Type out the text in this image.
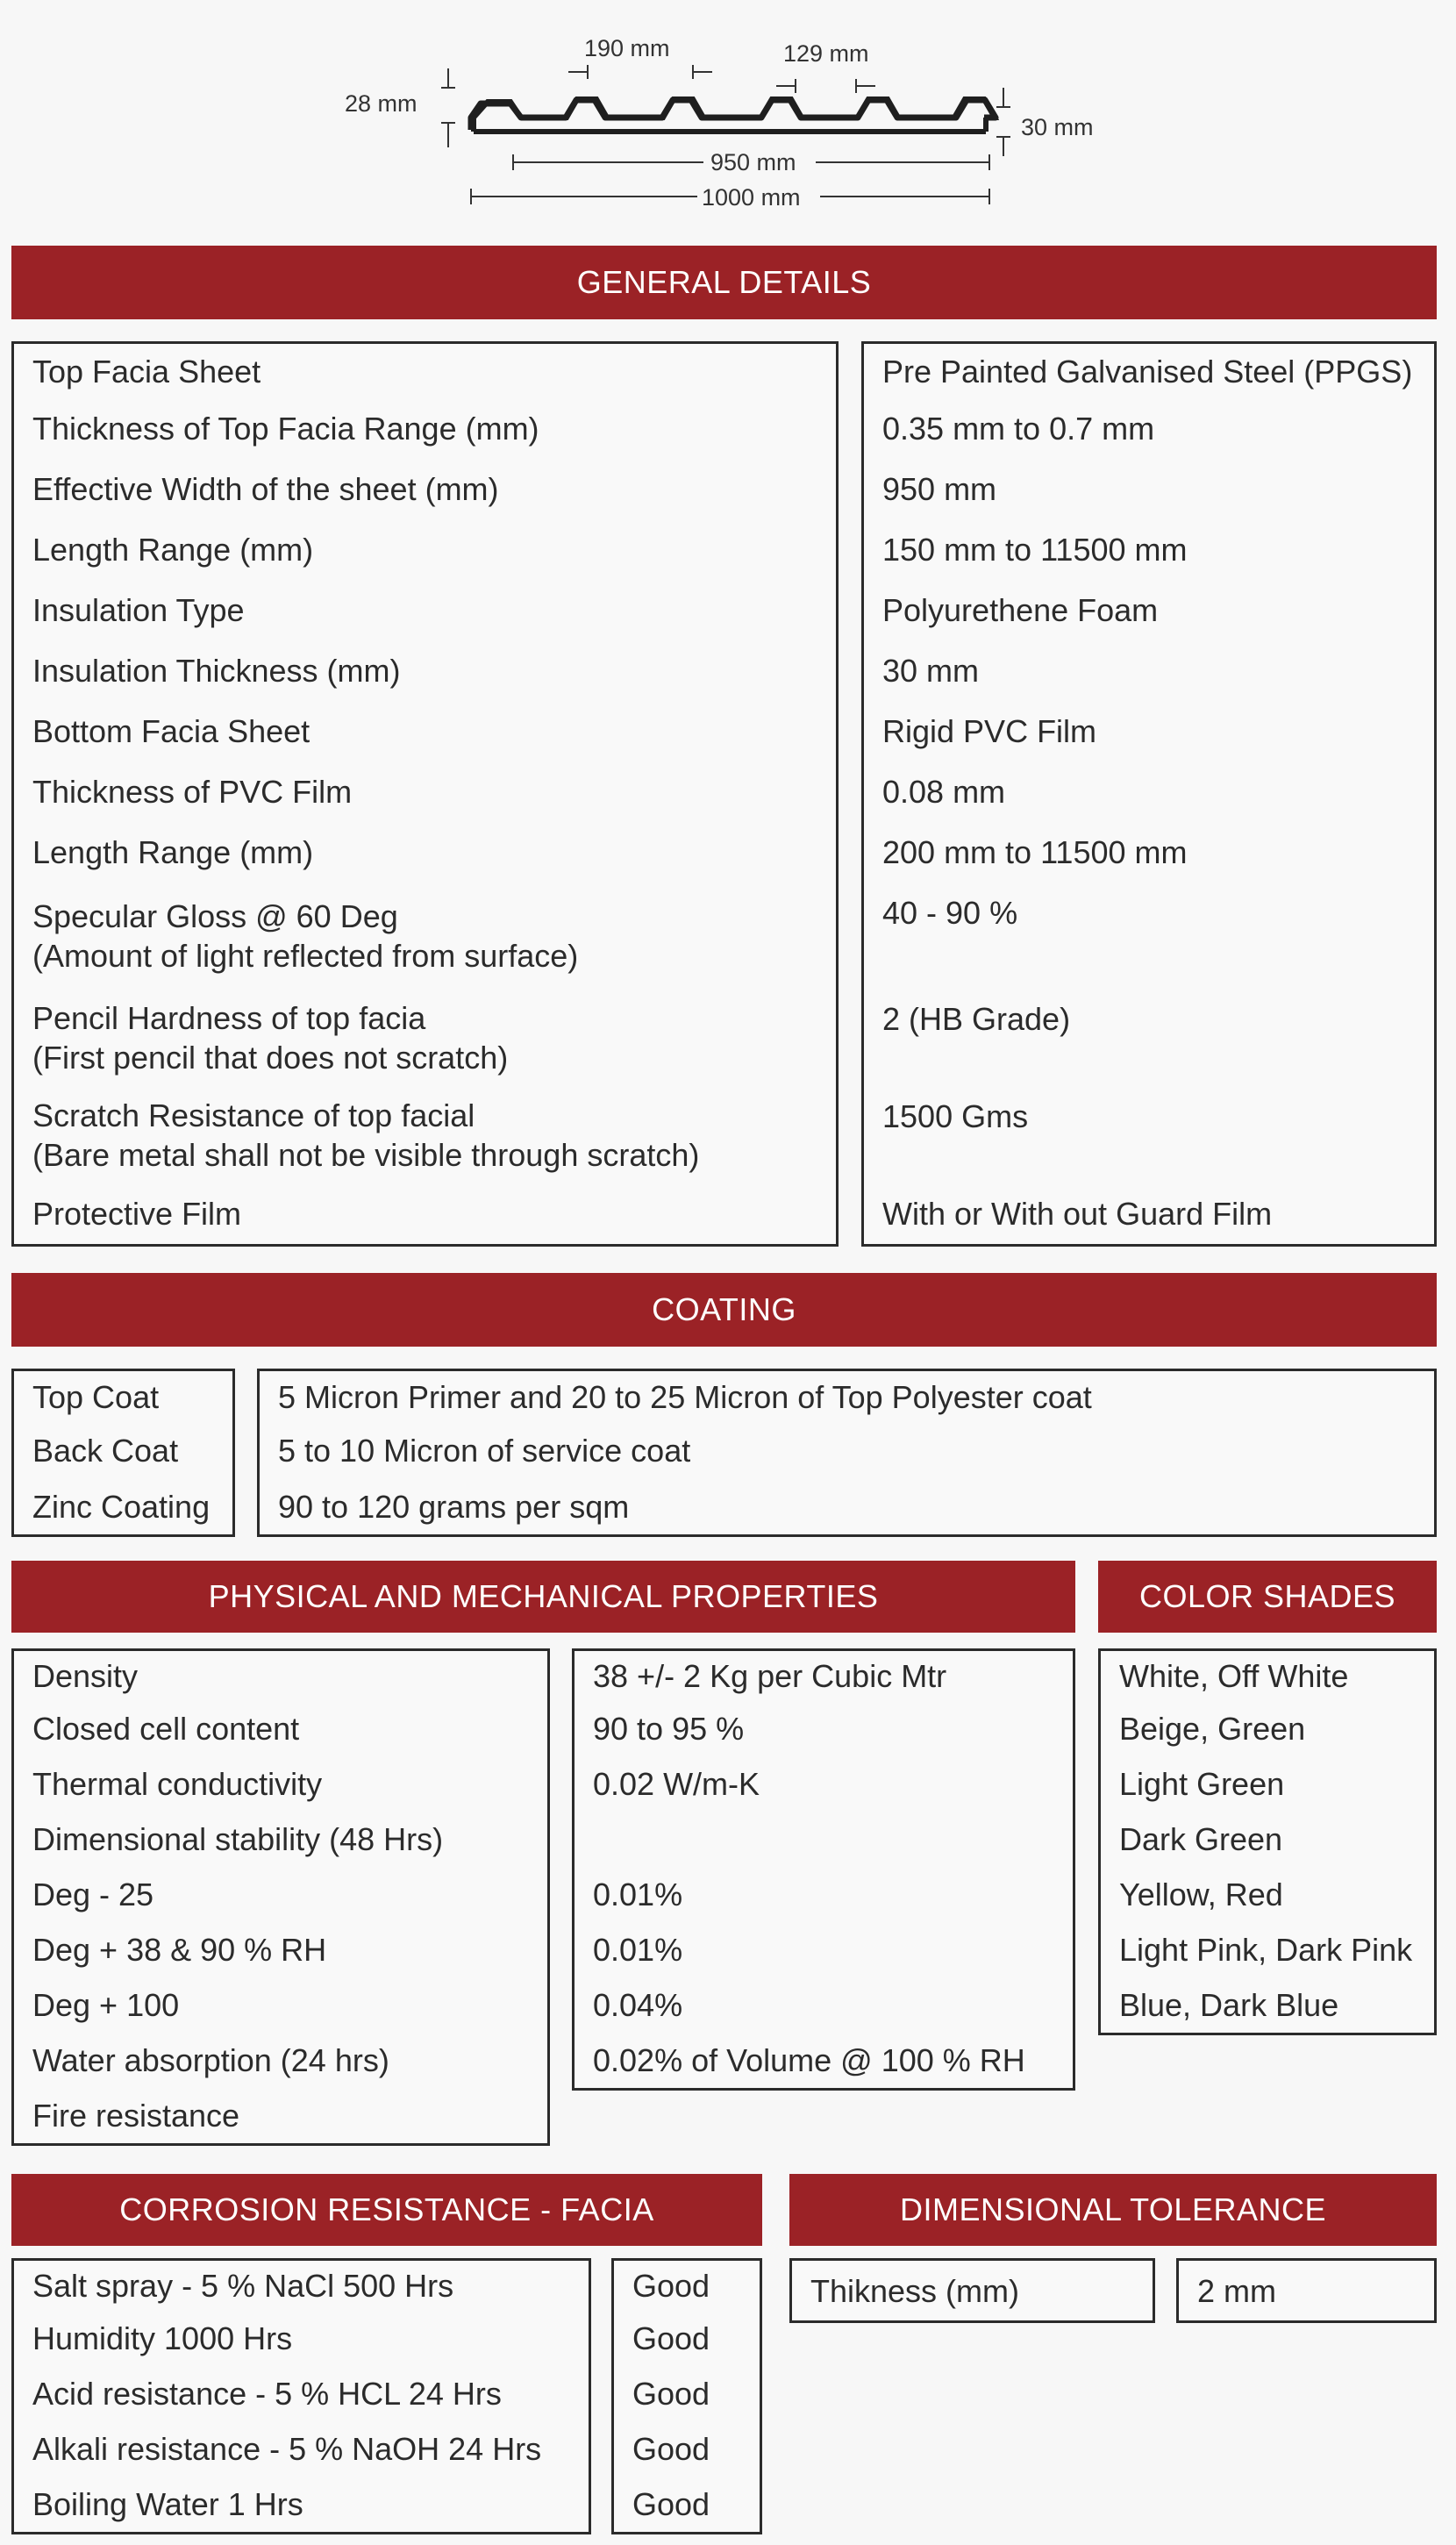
190 mm	129 mm
28 mm
30 mm
950 mm
1000 mm
GENERAL DETAILS
Top Facia Sheet
Thickness of Top Facia Range (mm)
Effective Width of the sheet (mm)
Length Range (mm)
Insulation Type
Insulation Thickness (mm)
Bottom Facia Sheet
Thickness of PVC Film
Length Range (mm)
Specular Gloss @ 60 Deg
(Amount of light reflected from surface)
Pencil Hardness of top facia
(First pencil that does not scratch)
Scratch Resistance of top facial
(Bare metal shall not be visible through scratch)
Protective Film
Pre Painted Galvanised Steel (PPGS)
0.35 mm to 0.7 mm
950 mm
150 mm to 11500 mm
Polyurethene Foam
30 mm
Rigid PVC Film
0.08 mm
200 mm to 11500 mm
40 - 90 %
2 (HB Grade)
1500 Gms
With or With out Guard Film
COATING
Top Coat
Back Coat
Zinc Coating
5 Micron Primer and 20 to 25 Micron of Top Polyester coat
5 to 10 Micron of service coat
90 to 120 grams per sqm
PHYSICAL AND MECHANICAL PROPERTIES
Density
Closed cell content
Thermal conductivity
Dimensional stability (48 Hrs)
Deg - 25
Deg + 38 & 90 % RH
Deg + 100
Water absorption (24 hrs)
Fire resistance
38 +/- 2 Kg per Cubic Mtr
90 to 95 %
0.02 W/m-K
0.01%
0.01%
0.04%
0.02% of Volume @ 100 % RH
COLOR SHADES
White, Off White
Beige, Green
Light Green
Dark Green
Yellow, Red
Light Pink, Dark Pink
Blue, Dark Blue
CORROSION RESISTANCE - FACIA
Salt spray - 5 % NaCl 500 Hrs
Humidity 1000 Hrs
Acid resistance - 5 % HCL 24 Hrs
Alkali resistance - 5 % NaOH 24 Hrs
Boiling Water 1 Hrs
Good
Good
Good
Good
Good
DIMENSIONAL TOLERANCE
Thikness (mm)	2 mm
